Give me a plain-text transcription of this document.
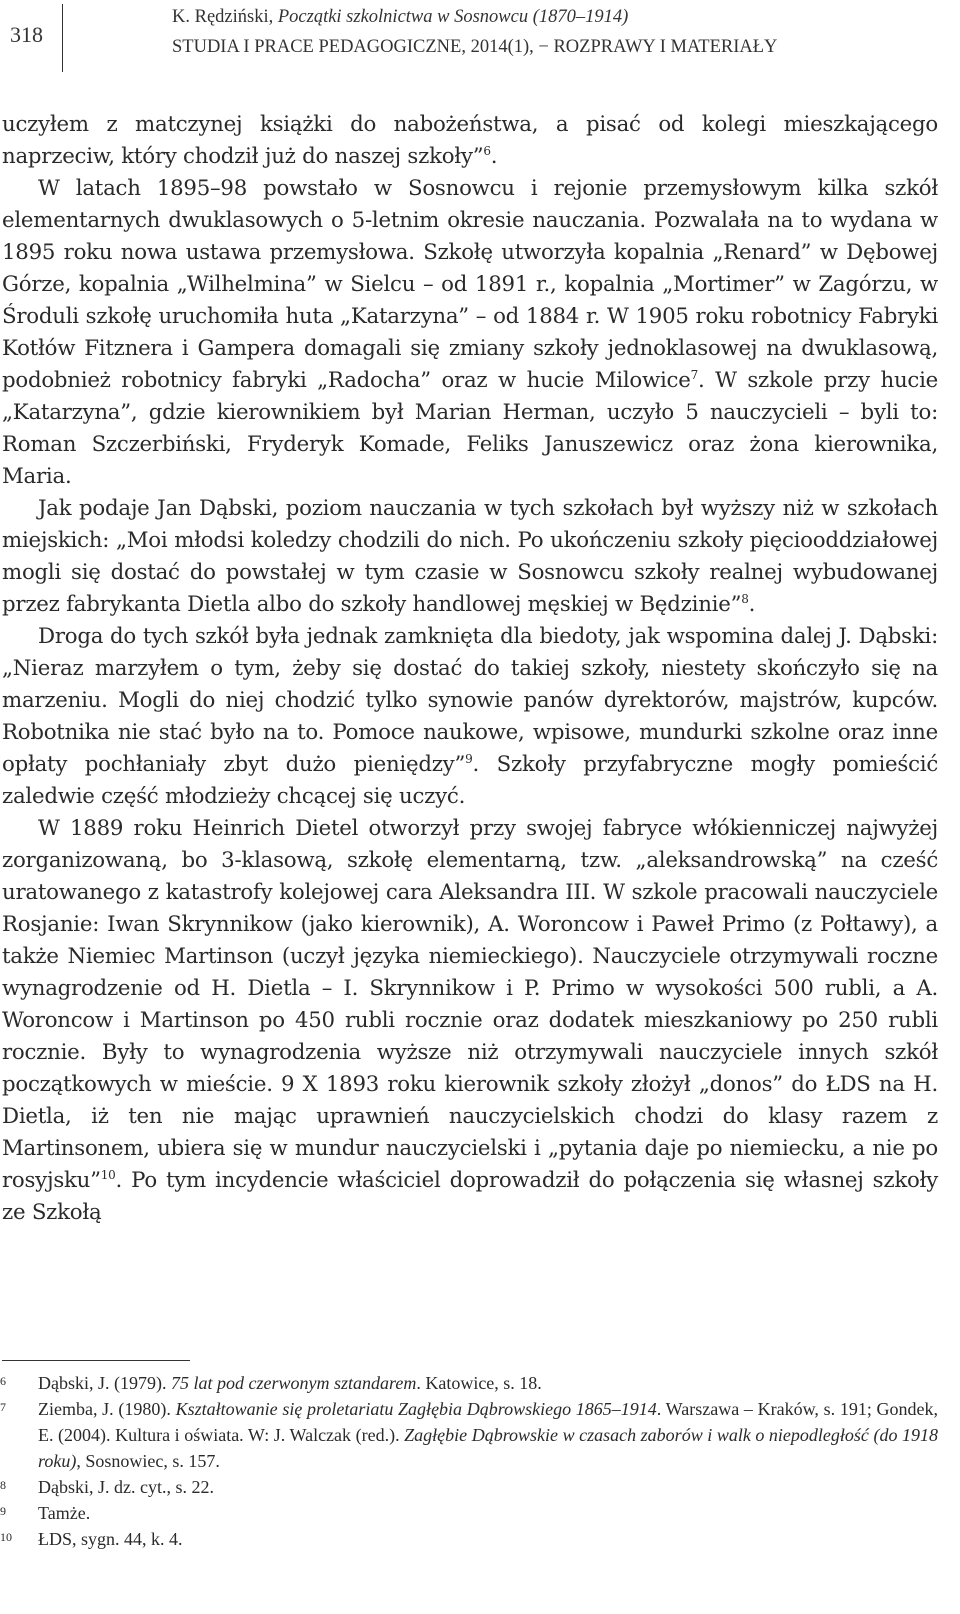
318
K. Rędziński, Początki szkolnictwa w Sosnowcu (1870–1914)
STUDIA I PRACE PEDAGOGICZNE, 2014(1), − ROZPRAWY I MATERIAŁY

uczyłem z matczynej książki do nabożeństwa, a pisać od kolegi mieszkającego naprzeciw, który chodził już do naszej szkoły”$^6$.

W latach 1895–98 powstało w Sosnowcu i rejonie przemysłowym kilka szkół elementarnych dwuklasowych o 5-letnim okresie nauczania. Pozwalała na to wydana w 1895 roku nowa ustawa przemysłowa. Szkołę utworzyła kopalnia „Renard” w Dębowej Górze, kopalnia „Wilhelmina” w Sielcu – od 1891 r., kopalnia „Mortimer” w Zagórzu, w Środuli szkołę uruchomiła huta „Katarzyna” – od 1884 r. W 1905 roku robotnicy Fabryki Kotłów Fitznera i Gampera domagali się zmiany szkoły jednoklasowej na dwuklasową, podobnież robotnicy fabryki „Radocha” oraz w hucie Milowice$^7$. W szkole przy hucie „Katarzyna”, gdzie kierownikiem był Marian Herman, uczyło 5 nauczycieli – byli to: Roman Szczerbiński, Fryderyk Komade, Feliks Januszewicz oraz żona kierownika, Maria.

Jak podaje Jan Dąbski, poziom nauczania w tych szkołach był wyższy niż w szkołach miejskich: „Moi młodsi koledzy chodzili do nich. Po ukończeniu szkoły pięciooddziałowej mogli się dostać do powstałej w tym czasie w Sosnowcu szkoły realnej wybudowanej przez fabrykanta Dietla albo do szkoły handlowej męskiej w Będzinie”$^8$.

Droga do tych szkół była jednak zamknięta dla biedoty, jak wspomina dalej J. Dąbski: „Nieraz marzyłem o tym, żeby się dostać do takiej szkoły, niestety skończyło się na marzeniu. Mogli do niej chodzić tylko synowie panów dyrektorów, majstrów, kupców. Robotnika nie stać było na to. Pomoce naukowe, wpisowe, mundurki szkolne oraz inne opłaty pochłaniały zbyt dużo pieniędzy”$^9$. Szkoły przyfabryczne mogły pomieścić zaledwie część młodzieży chcącej się uczyć.

W 1889 roku Heinrich Dietel otworzył przy swojej fabryce włókienniczej najwyżej zorganizowaną, bo 3-klasową, szkołę elementarną, tzw. „aleksandrowską” na cześć uratowanego z katastrofy kolejowej cara Aleksandra III. W szkole pracowali nauczyciele Rosjanie: Iwan Skrynnikow (jako kierownik), A. Woroncow i Paweł Primo (z Połtawy), a także Niemiec Martinson (uczył języka niemieckiego). Nauczyciele otrzymywali roczne wynagrodzenie od H. Dietla – I. Skrynnikow i P. Primo w wysokości 500 rubli, a A. Woroncow i Martinson po 450 rubli rocznie oraz dodatek mieszkaniowy po 250 rubli rocznie. Były to wynagrodzenia wyższe niż otrzymywali nauczyciele innych szkół początkowych w mieście. 9 X 1893 roku kierownik szkoły złożył „donos” do ŁDS na H. Dietla, iż ten nie mając uprawnień nauczycielskich chodzi do klasy razem z Martinsonem, ubiera się w mundur nauczycielski i „pytania daje po niemiecku, a nie po rosyjsku”$^{10}$. Po tym incydencie właściciel doprowadził do połączenia się własnej szkoły ze Szkołą

6	Dąbski, J. (1979). 75 lat pod czerwonym sztandarem. Katowice, s. 18.
7	Ziemba, J. (1980). Kształtowanie się proletariatu Zagłębia Dąbrowskiego 1865–1914. Warszawa – Kraków, s. 191; Gondek, E. (2004). Kultura i oświata. W: J. Walczak (red.). Zagłębie Dąbrowskie w czasach zaborów i walk o niepodległość (do 1918 roku), Sosnowiec, s. 157.
8	Dąbski, J. dz. cyt., s. 22.
9	Tamże.
10	ŁDS, sygn. 44, k. 4.
